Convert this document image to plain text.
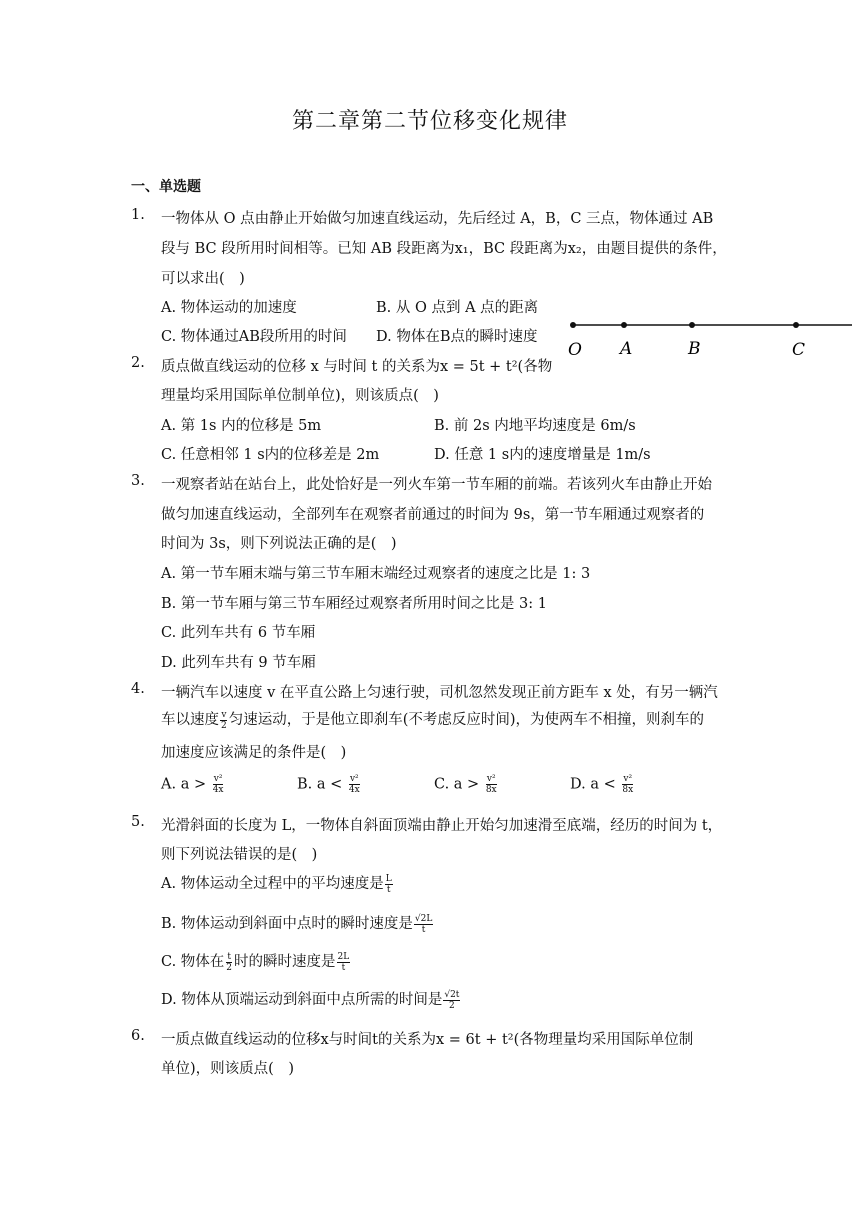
第二章第二节位移变化规律
一、单选题
1. 一物体从 O 点由静止开始做匀加速直线运动，先后经过 A，B，C 三点，物体通过 AB
段与 BC 段所用时间相等。已知 AB 段距离为x₁，BC 段距离为x₂，由题目提供的条件，
可以求出(　)
A. 物体运动的加速度	B. 从 O 点到 A 点的距离
C. 物体通过AB段所用的时间 D. 物体在B点的瞬时速度
O A	B	C
2. 质点做直线运动的位移 x 与时间 t 的关系为x = 5t + t²(各物
理量均采用国际单位制单位)，则该质点(　)
A. 第 1s 内的位移是 5m	B. 前 2s 内地平均速度是 6m/s
C. 任意相邻 1 s内的位移差是 2m	D. 任意 1 s内的速度增量是 1m/s
3. 一观察者站在站台上，此处恰好是一列火车第一节车厢的前端。若该列火车由静止开始
做匀加速直线运动，全部列车在观察者前通过的时间为 9s，第一节车厢通过观察者的
时间为 3s，则下列说法正确的是(　)
A. 第一节车厢末端与第三节车厢末端经过观察者的速度之比是 1: 3
B. 第一节车厢与第三节车厢经过观察者所用时间之比是 3: 1
C. 此列车共有 6 节车厢
D. 此列车共有 9 节车厢
4. 一辆汽车以速度 v 在平直公路上匀速行驶，司机忽然发现正前方距车 x 处，有另一辆汽
车以速度 $\frac{v}{2}$ 匀速运动，于是他立即刹车(不考虑反应时间)，为使两车不相撞，则刹车的
加速度应该满足的条件是(　)
A. $a > \frac{\text{v²}}{4x}$	B. $a < \frac{\text{v²}}{4x}$	C. $a > \frac{\text{v²}}{8x}$	D. $a < \frac{\text{v²}}{8x}$
5. 光滑斜面的长度为 L，一物体自斜面顶端由静止开始匀加速滑至底端，经历的时间为 t，
则下列说法错误的是(　)
A. 物体运动全过程中的平均速度是 $\frac{L}{t}$
B. 物体运动到斜面中点时的瞬时速度是 $\frac{√2L}{t}$
C. 物体在 $\frac{t}{2}$ 时的瞬时速度是 $\frac{2L}{t}$
D. 物体从顶端运动到斜面中点所需的时间是 $\frac{√2t}{2}$
6. 一质点做直线运动的位移x与时间t的关系为x = 6t + t²(各物理量均采用国际单位制
单位)，则该质点(　)
